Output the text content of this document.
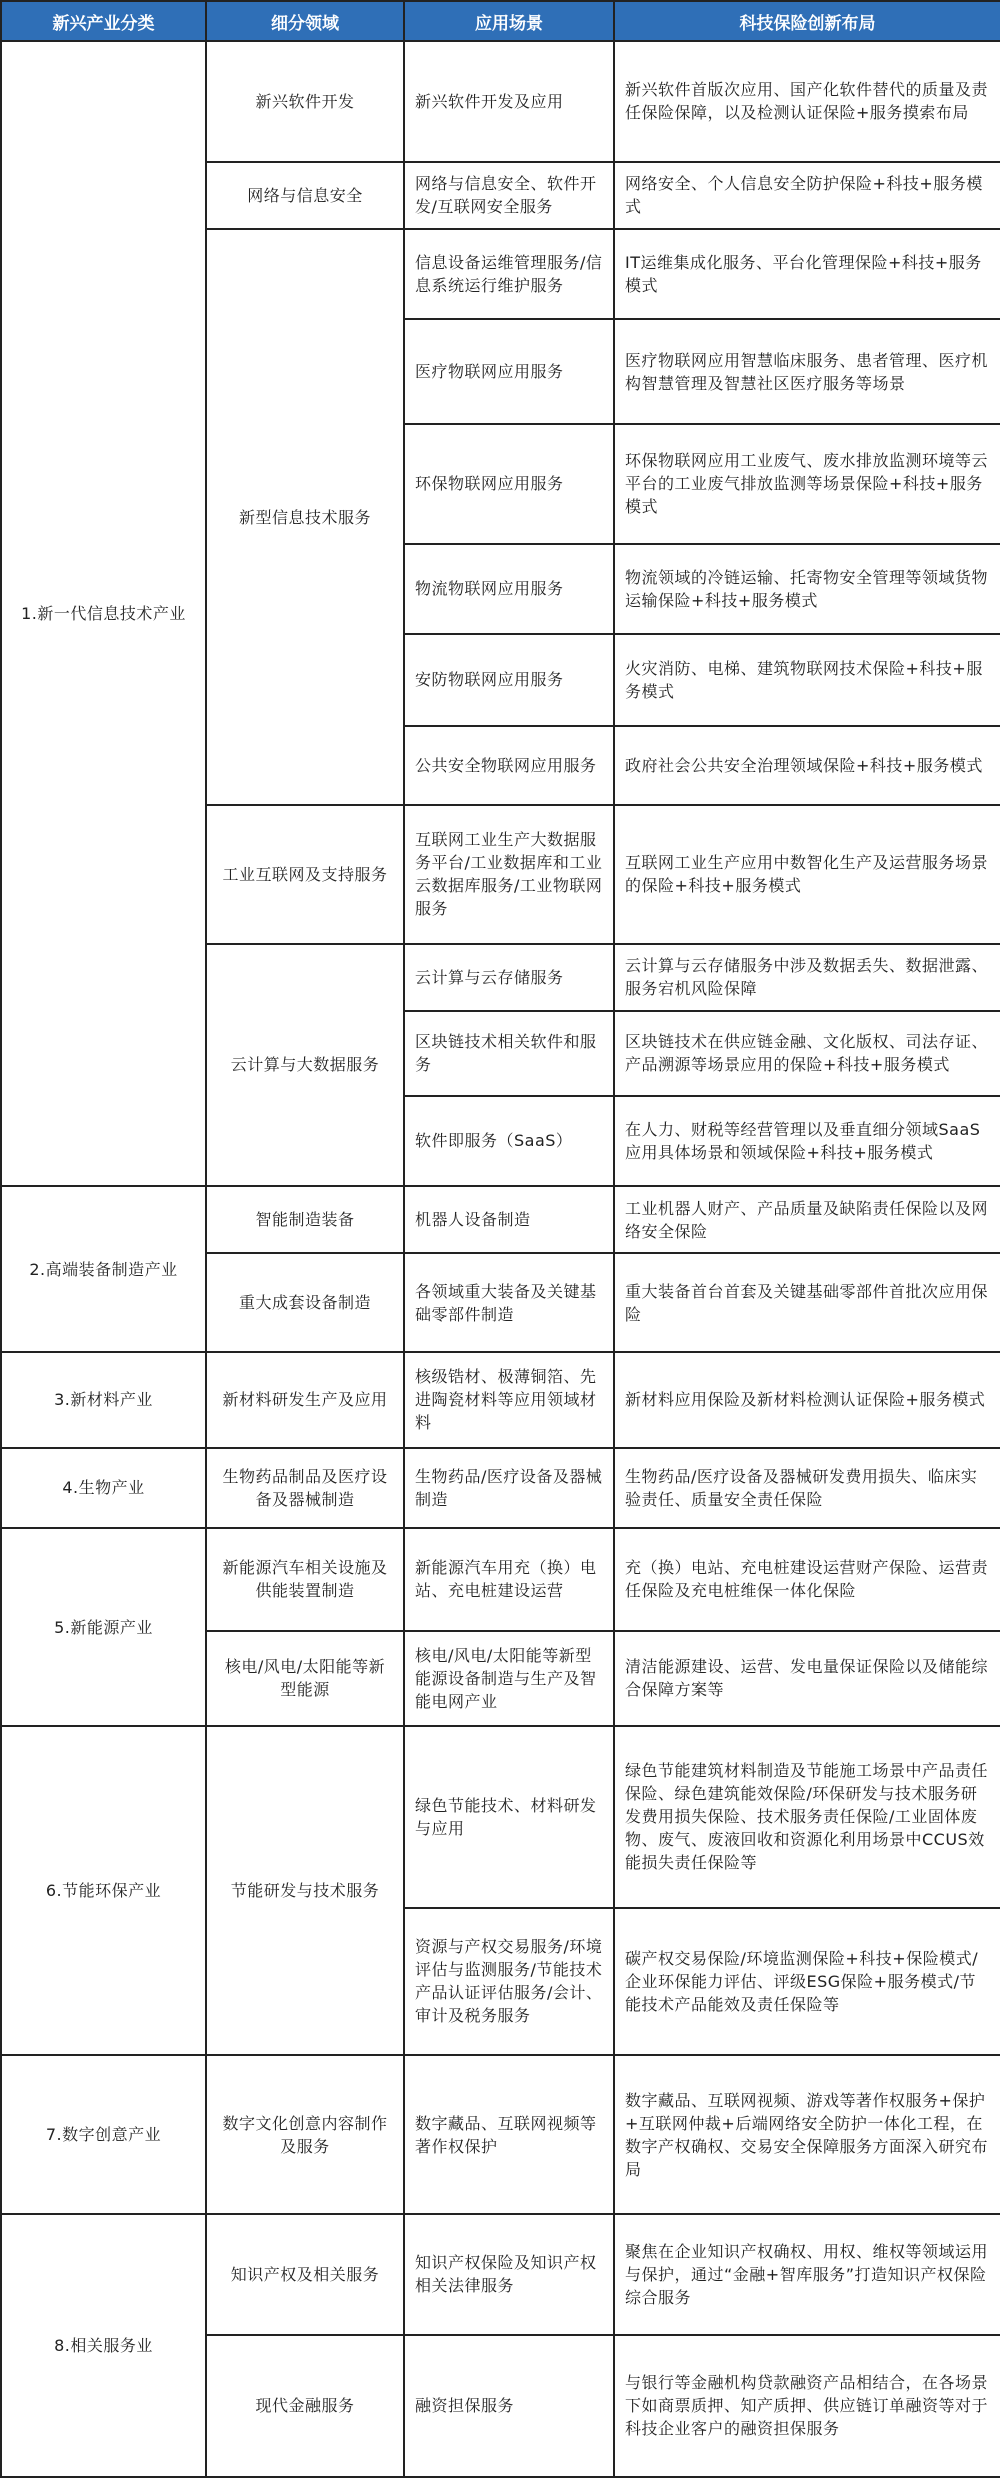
新兴产业分类	细分领域	应用场景	科技保险创新布局
1.新一代信息技术产业	新兴软件开发	新兴软件开发及应用	新兴软件首版次应用、国产化软件替代的质量及责任保险保障，以及检测认证保险+服务摸索布局
	网络与信息安全	网络与信息安全、软件开发/互联网安全服务	网络安全、个人信息安全防护保险+科技+服务模式
	新型信息技术服务	信息设备运维管理服务/信息系统运行维护服务	IT运维集成化服务、平台化管理保险+科技+服务模式
		医疗物联网应用服务	医疗物联网应用智慧临床服务、患者管理、医疗机构智慧管理及智慧社区医疗服务等场景
		环保物联网应用服务	环保物联网应用工业废气、废水排放监测环境等云平台的工业废气排放监测等场景保险+科技+服务模式
		物流物联网应用服务	物流领域的冷链运输、托寄物安全管理等领域货物运输保险+科技+服务模式
		安防物联网应用服务	火灾消防、电梯、建筑物联网技术保险+科技+服务模式
		公共安全物联网应用服务	政府社会公共安全治理领域保险+科技+服务模式
	工业互联网及支持服务	互联网工业生产大数据服务平台/工业数据库和工业云数据库服务/工业物联网服务	互联网工业生产应用中数智化生产及运营服务场景的保险+科技+服务模式
	云计算与大数据服务	云计算与云存储服务	云计算与云存储服务中涉及数据丢失、数据泄露、服务宕机风险保障
		区块链技术相关软件和服务	区块链技术在供应链金融、文化版权、司法存证、产品溯源等场景应用的保险+科技+服务模式
		软件即服务（SaaS）	在人力、财税等经营管理以及垂直细分领域SaaS应用具体场景和领域保险+科技+服务模式
2.高端装备制造产业	智能制造装备	机器人设备制造	工业机器人财产、产品质量及缺陷责任保险以及网络安全保险
	重大成套设备制造	各领域重大装备及关键基础零部件制造	重大装备首台首套及关键基础零部件首批次应用保险
3.新材料产业	新材料研发生产及应用	核级锆材、极薄铜箔、先进陶瓷材料等应用领域材料	新材料应用保险及新材料检测认证保险+服务模式
4.生物产业	生物药品制品及医疗设备及器械制造	生物药品/医疗设备及器械制造	生物药品/医疗设备及器械研发费用损失、临床实验责任、质量安全责任保险
5.新能源产业	新能源汽车相关设施及供能装置制造	新能源汽车用充（换）电站、充电桩建设运营	充（换）电站、充电桩建设运营财产保险、运营责任保险及充电桩维保一体化保险
	核电/风电/太阳能等新型能源	核电/风电/太阳能等新型能源设备制造与生产及智能电网产业	清洁能源建设、运营、发电量保证保险以及储能综合保障方案等
6.节能环保产业	节能研发与技术服务	绿色节能技术、材料研发与应用	绿色节能建筑材料制造及节能施工场景中产品责任保险、绿色建筑能效保险/环保研发与技术服务研发费用损失保险、技术服务责任保险/工业固体废物、废气、废液回收和资源化利用场景中CCUS效能损失责任保险等
		资源与产权交易服务/环境评估与监测服务/节能技术产品认证评估服务/会计、审计及税务服务	碳产权交易保险/环境监测保险+科技+保险模式/企业环保能力评估、评级ESG保险+服务模式/节能技术产品能效及责任保险等
7.数字创意产业	数字文化创意内容制作及服务	数字藏品、互联网视频等著作权保护	数字藏品、互联网视频、游戏等著作权服务+保护+互联网仲裁+后端网络安全防护一体化工程，在数字产权确权、交易安全保障服务方面深入研究布局
8.相关服务业	知识产权及相关服务	知识产权保险及知识产权相关法律服务	聚焦在企业知识产权确权、用权、维权等领域运用与保护，通过“金融+智库服务”打造知识产权保险综合服务
	现代金融服务	融资担保服务	与银行等金融机构贷款融资产品相结合，在各场景下如商票质押、知产质押、供应链订单融资等对于科技企业客户的融资担保服务
